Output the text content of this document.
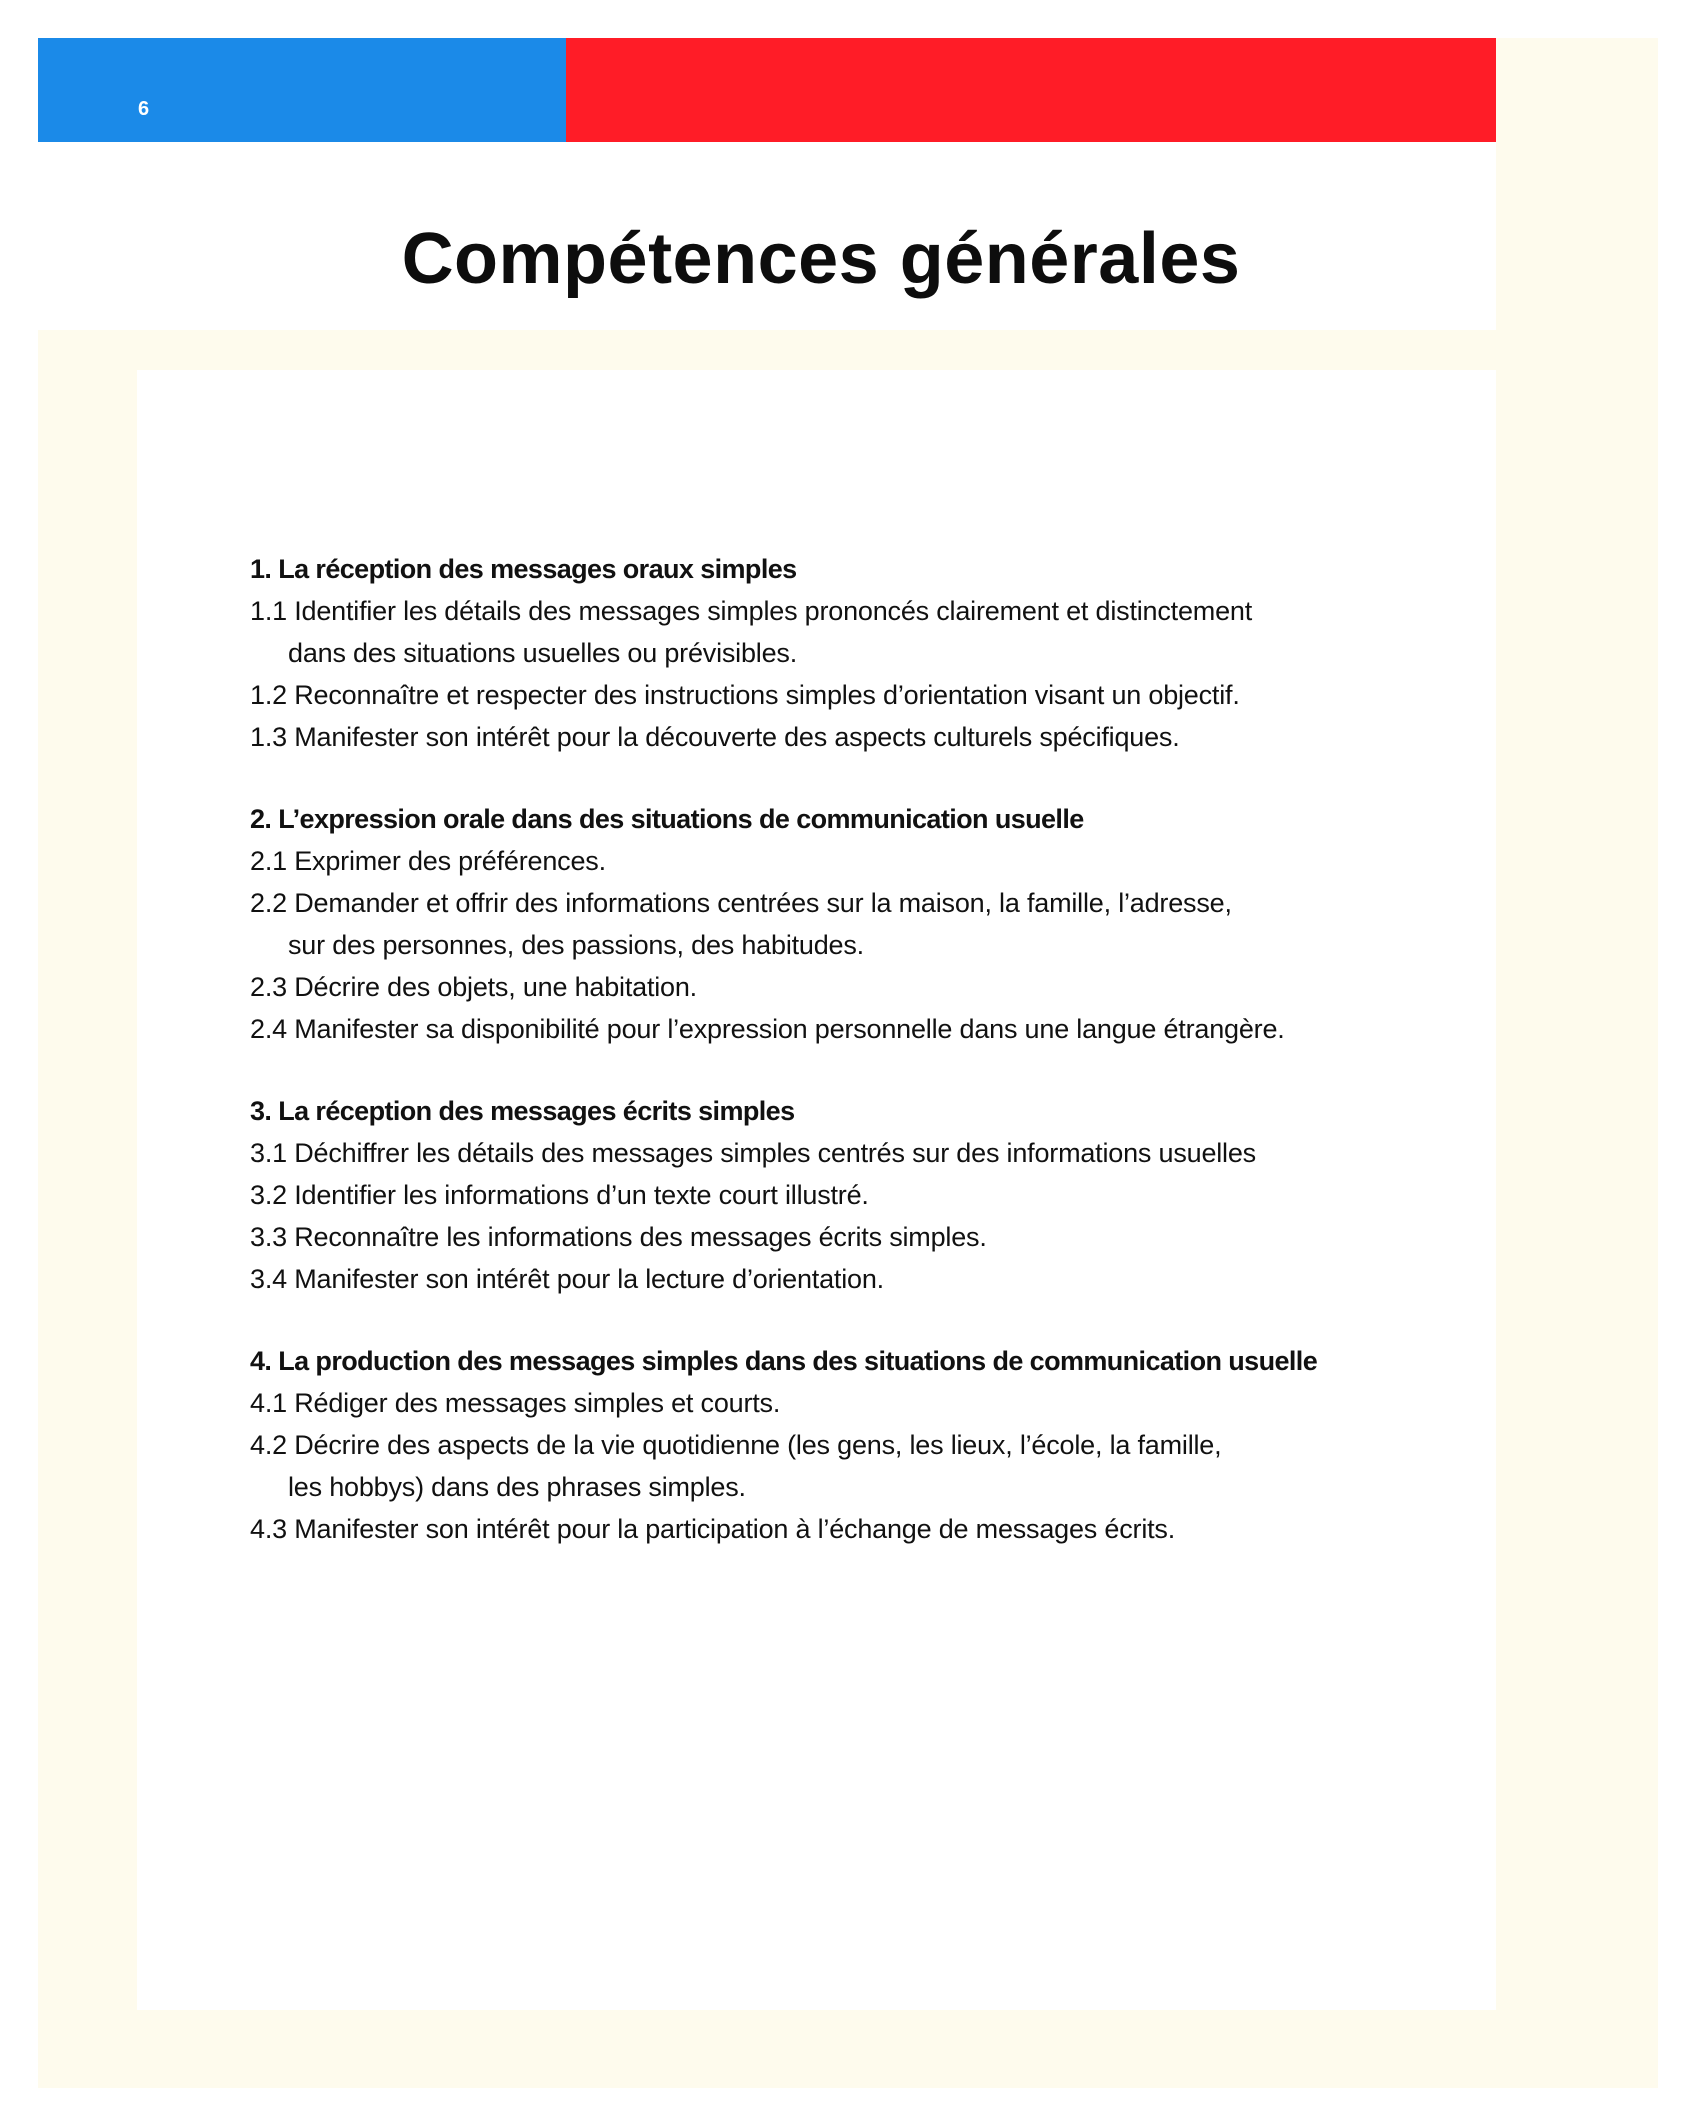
6
Compétences générales

1. La réception des messages oraux simples

1.1 Identifier les détails des messages simples prononcés clairement et distinctement
dans des situations usuelles ou prévisibles.

1.2 Reconnaître et respecter des instructions simples d’orientation visant un objectif.

1.3 Manifester son intérêt pour la découverte des aspects culturels spécifiques.

2. L’expression orale dans des situations de communication usuelle

2.1 Exprimer des préférences.

2.2 Demander et offrir des informations centrées sur la maison, la famille, l’adresse,
sur des personnes, des passions, des habitudes.

2.3 Décrire des objets, une habitation.

2.4 Manifester sa disponibilité pour l’expression personnelle dans une langue étrangère.

3. La réception des messages écrits simples

3.1 Déchiffrer les détails des messages simples centrés sur des informations usuelles

3.2 Identifier les informations d’un texte court illustré.

3.3 Reconnaître les informations des messages écrits simples.

3.4 Manifester son intérêt pour la lecture d’orientation.

4. La production des messages simples dans des situations de communication usuelle

4.1 Rédiger des messages simples et courts.

4.2 Décrire des aspects de la vie quotidienne (les gens, les lieux, l’école, la famille,
les hobbys) dans des phrases simples.

4.3 Manifester son intérêt pour la participation à l’échange de messages écrits.
